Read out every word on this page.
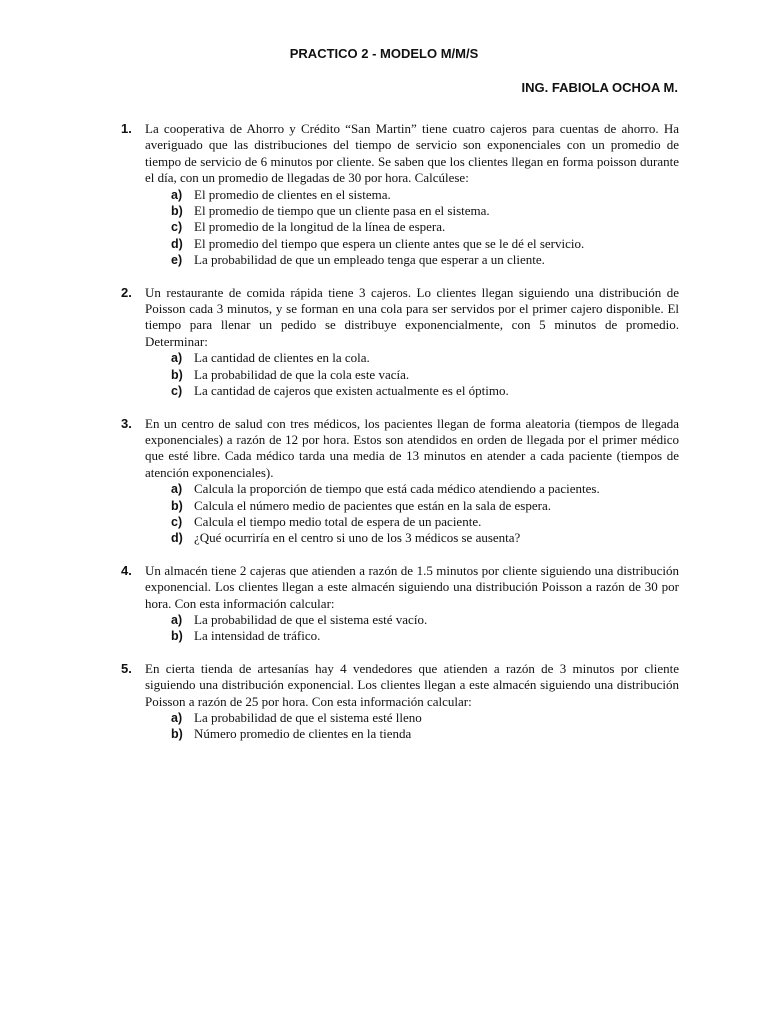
PRACTICO 2 - MODELO M/M/S
ING. FABIOLA OCHOA M.
1. La cooperativa de Ahorro y Crédito “San Martin” tiene cuatro cajeros para cuentas de ahorro. Ha averiguado que las distribuciones del tiempo de servicio son exponenciales con un promedio de tiempo de servicio de 6 minutos por cliente. Se saben que los clientes llegan en forma poisson durante el día, con un promedio de llegadas de 30 por hora. Calcúlese:
a) El promedio de clientes en el sistema.
b) El promedio de tiempo que un cliente pasa en el sistema.
c) El promedio de la longitud de la línea de espera.
d) El promedio del tiempo que espera un cliente antes que se le dé el servicio.
e) La probabilidad de que un empleado tenga que esperar a un cliente.
2. Un restaurante de comida rápida tiene 3 cajeros. Lo clientes llegan siguiendo una distribución de Poisson cada 3 minutos, y se forman en una cola para ser servidos por el primer cajero disponible. El tiempo para llenar un pedido se distribuye exponencialmente, con 5 minutos de promedio. Determinar:
a) La cantidad de clientes en la cola.
b) La probabilidad de que la cola este vacía.
c) La cantidad de cajeros que existen actualmente es el óptimo.
3. En un centro de salud con tres médicos, los pacientes llegan de forma aleatoria (tiempos de llegada exponenciales) a razón de 12 por hora. Estos son atendidos en orden de llegada por el primer médico que esté libre. Cada médico tarda una media de 13 minutos en atender a cada paciente (tiempos de atención exponenciales).
a) Calcula la proporción de tiempo que está cada médico atendiendo a pacientes.
b) Calcula el número medio de pacientes que están en la sala de espera.
c) Calcula el tiempo medio total de espera de un paciente.
d) ¿Qué ocurriría en el centro si uno de los 3 médicos se ausenta?
4. Un almacén tiene 2 cajeras que atienden a razón de 1.5 minutos por cliente siguiendo una distribución exponencial. Los clientes llegan a este almacén siguiendo una distribución Poisson a razón de 30 por hora. Con esta información calcular:
a) La probabilidad de que el sistema esté vacío.
b) La intensidad de tráfico.
5. En cierta tienda de artesanías hay 4 vendedores que atienden a razón de 3 minutos por cliente siguiendo una distribución exponencial. Los clientes llegan a este almacén siguiendo una distribución Poisson a razón de 25 por hora. Con esta información calcular:
a) La probabilidad de que el sistema esté lleno
b) Número promedio de clientes en la tienda
